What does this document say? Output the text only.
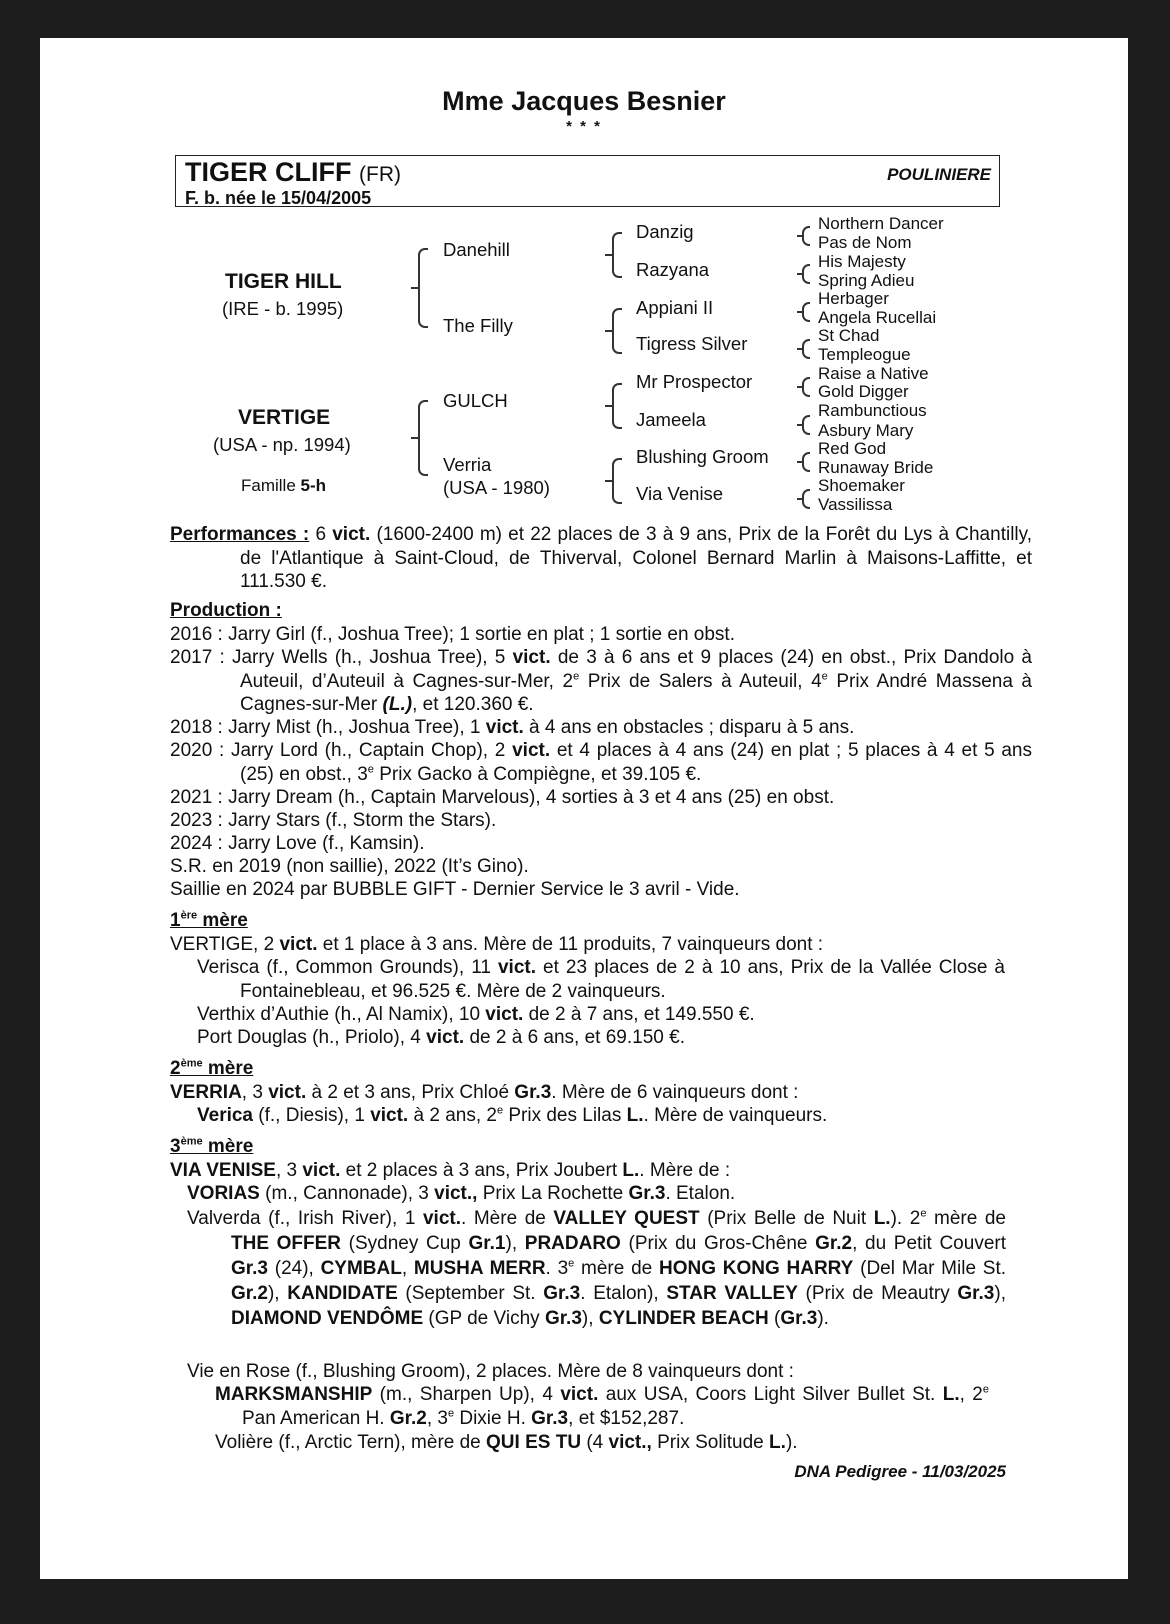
Mme Jacques Besnier
* * *
TIGER CLIFF (FR)
F. b. née le 15/04/2005
POULINIERE
TIGER HILL
(IRE - b. 1995)
VERTIGE
(USA - np. 1994)
Famille 5-h
Danehill
The Filly
GULCH
Verria
(USA - 1980)
Danzig
Razyana
Appiani II
Tigress Silver
Mr Prospector
Jameela
Blushing Groom
Via Venise
Northern Dancer
Pas de Nom
His Majesty
Spring Adieu
Herbager
Angela Rucellai
St Chad
Templeogue
Raise a Native
Gold Digger
Rambunctious
Asbury Mary
Red God
Runaway Bride
Shoemaker
Vassilissa
Performances : 6 vict. (1600-2400 m) et 22 places de 3 à 9 ans, Prix de la Forêt du Lys à Chantilly, de l'Atlantique à Saint-Cloud, de Thiverval, Colonel Bernard Marlin à Maisons-Laffitte, et 111.530 €.
Production :
2016 : Jarry Girl (f., Joshua Tree); 1 sortie en plat ; 1 sortie en obst.
2017 : Jarry Wells (h., Joshua Tree), 5 vict. de 3 à 6 ans et 9 places (24) en obst., Prix Dandolo à Auteuil, d’Auteuil à Cagnes-sur-Mer, 2e Prix de Salers à Auteuil, 4e Prix André Massena à Cagnes-sur-Mer (L.), et 120.360 €.
2018 : Jarry Mist (h., Joshua Tree), 1 vict. à 4 ans en obstacles ; disparu à 5 ans.
2020 : Jarry Lord (h., Captain Chop), 2 vict. et 4 places à 4 ans (24) en plat ; 5 places à 4 et 5 ans (25) en obst., 3e Prix Gacko à Compiègne, et 39.105 €.
2021 : Jarry Dream (h., Captain Marvelous), 4 sorties à 3 et 4 ans (25) en obst.
2023 : Jarry Stars (f., Storm the Stars).
2024 : Jarry Love (f., Kamsin).
S.R. en 2019 (non saillie), 2022 (It’s Gino).
Saillie en 2024 par BUBBLE GIFT - Dernier Service le 3 avril - Vide.
1ère mère
VERTIGE, 2 vict. et 1 place à 3 ans. Mère de 11 produits, 7 vainqueurs dont :
Verisca (f., Common Grounds), 11 vict. et 23 places de 2 à 10 ans, Prix de la Vallée Close à Fontainebleau, et 96.525 €. Mère de 2 vainqueurs.
Verthix d’Authie (h., Al Namix), 10 vict. de 2 à 7 ans, et 149.550 €.
Port Douglas (h., Priolo), 4 vict. de 2 à 6 ans, et 69.150 €.
2ème mère
VERRIA, 3 vict. à 2 et 3 ans, Prix Chloé Gr.3. Mère de 6 vainqueurs dont :
Verica (f., Diesis), 1 vict. à 2 ans, 2e Prix des Lilas L.. Mère de vainqueurs.
3ème mère
VIA VENISE, 3 vict. et 2 places à 3 ans, Prix Joubert L.. Mère de :
VORIAS (m., Cannonade), 3 vict., Prix La Rochette Gr.3. Etalon.
Valverda (f., Irish River), 1 vict.. Mère de VALLEY QUEST (Prix Belle de Nuit L.). 2e mère de THE OFFER (Sydney Cup Gr.1), PRADARO (Prix du Gros-Chêne Gr.2, du Petit Couvert Gr.3 (24), CYMBAL, MUSHA MERR. 3e mère de HONG KONG HARRY (Del Mar Mile St. Gr.2), KANDIDATE (September St. Gr.3. Etalon), STAR VALLEY (Prix de Meautry Gr.3), DIAMOND VENDÔME (GP de Vichy Gr.3), CYLINDER BEACH (Gr.3).
Vie en Rose (f., Blushing Groom), 2 places. Mère de 8 vainqueurs dont :
MARKSMANSHIP (m., Sharpen Up), 4 vict. aux USA, Coors Light Silver Bullet St. L., 2e Pan American H. Gr.2, 3e Dixie H. Gr.3, et $152,287.
Volière (f., Arctic Tern), mère de QUI ES TU (4 vict., Prix Solitude L.).
DNA Pedigree - 11/03/2025
